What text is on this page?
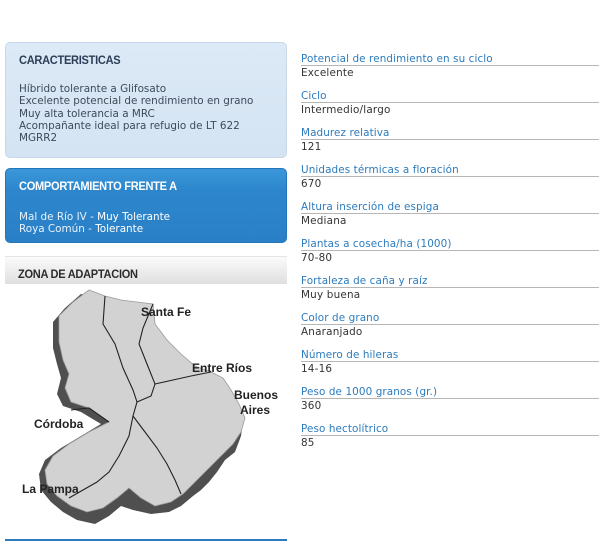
CARACTERISTICAS
Híbrido tolerante a Glifosato
Excelente potencial de rendimiento en grano
Muy alta tolerancia a MRC
Acompañante ideal para refugio de LT 622
MGRR2
COMPORTAMIENTO FRENTE A
Mal de Río IV - Muy Tolerante
Roya Común - Tolerante
ZONA DE ADAPTACION
Santa Fe
Entre Ríos
Buenos
Aires
Córdoba
La Pampa
Potencial de rendimiento en su ciclo
Excelente
Ciclo
Intermedio/largo
Madurez relativa
121
Unidades térmicas a floración
670
Altura inserción de espiga
Mediana
Plantas a cosecha/ha (1000)
70-80
Fortaleza de caña y raíz
Muy buena
Color de grano
Anaranjado
Número de hileras
14-16
Peso de 1000 granos (gr.)
360
Peso hectolítrico
85
